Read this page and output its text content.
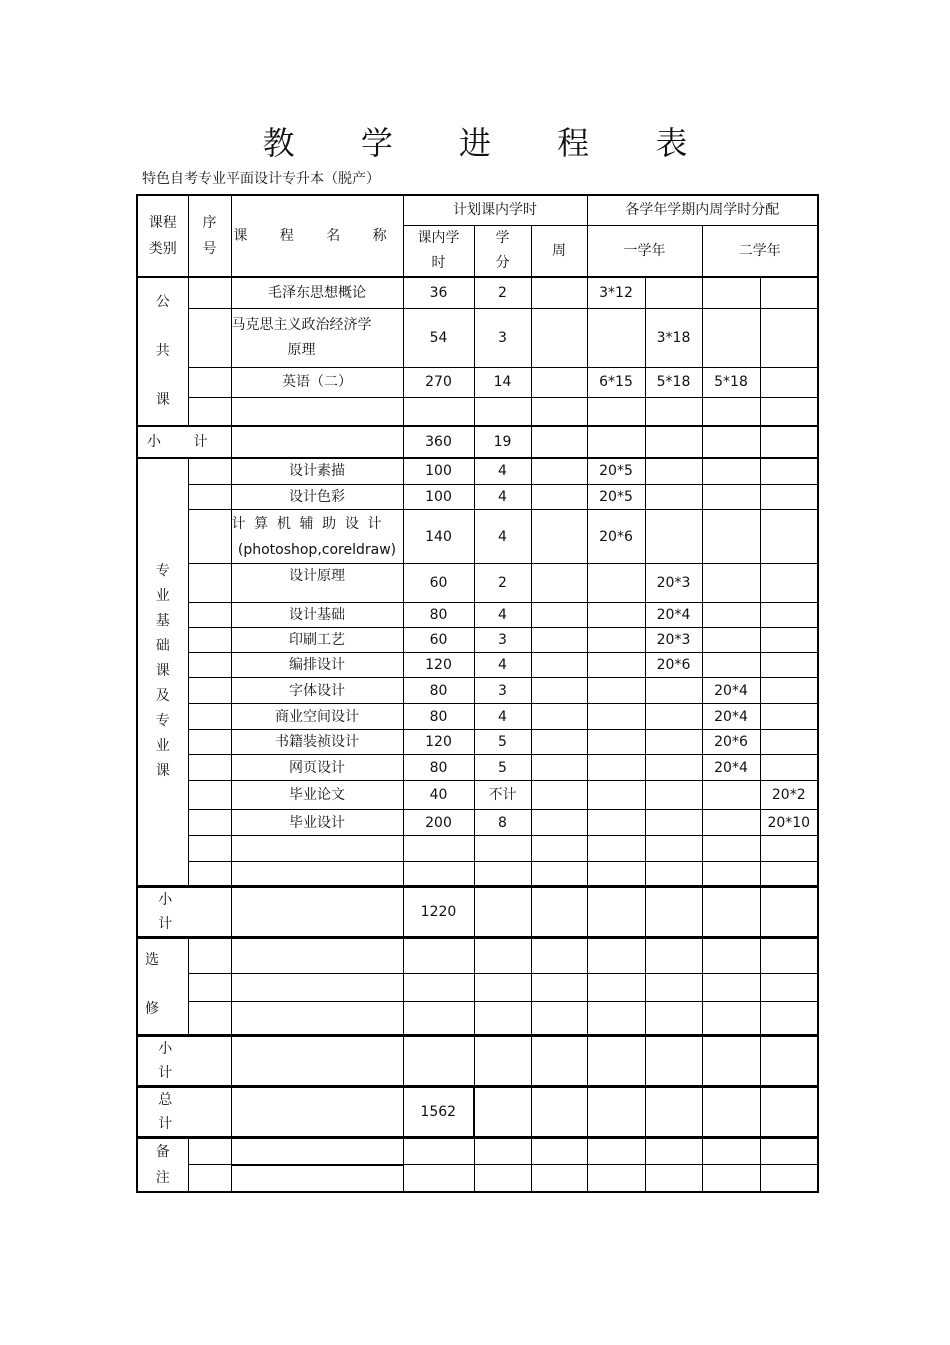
教 学 进 程 表
特色自考专业平面设计专升本（脱产）
课程类别	序号	课 程 名 称	计划课内学时			各学年学期内周学时分配			

			课内学时	学分	周	一学年		二学年	

公共课		毛泽东思想概论	36	2		3*12			

		马克思主义政治经济学原理	54	3			3*18		
		英语（二）	270	14		6*15	5*18	5*18	

小 计			360	19					

专业基础课及专业课		设计素描	100	4		20*5			
		设计色彩	100	4		20*5			

		计算机辅助设计
(photoshop,coreldraw)	140	4		20*6			
		设计原理	60	2			20*3		
		设计基础	80	4			20*4		
		印刷工艺	60	3			20*3		
		编排设计	120	4			20*6		
		字体设计	80	3				20*4	
		商业空间设计	80	4				20*4	
		书籍装祯设计	120	5				20*6	
		网页设计	80	5				20*4	
		毕业论文	40	不计					20*2
		毕业设计	200	8					20*10

小 计			1220						

选修									

小 计									
总 计			1562						

备注									
